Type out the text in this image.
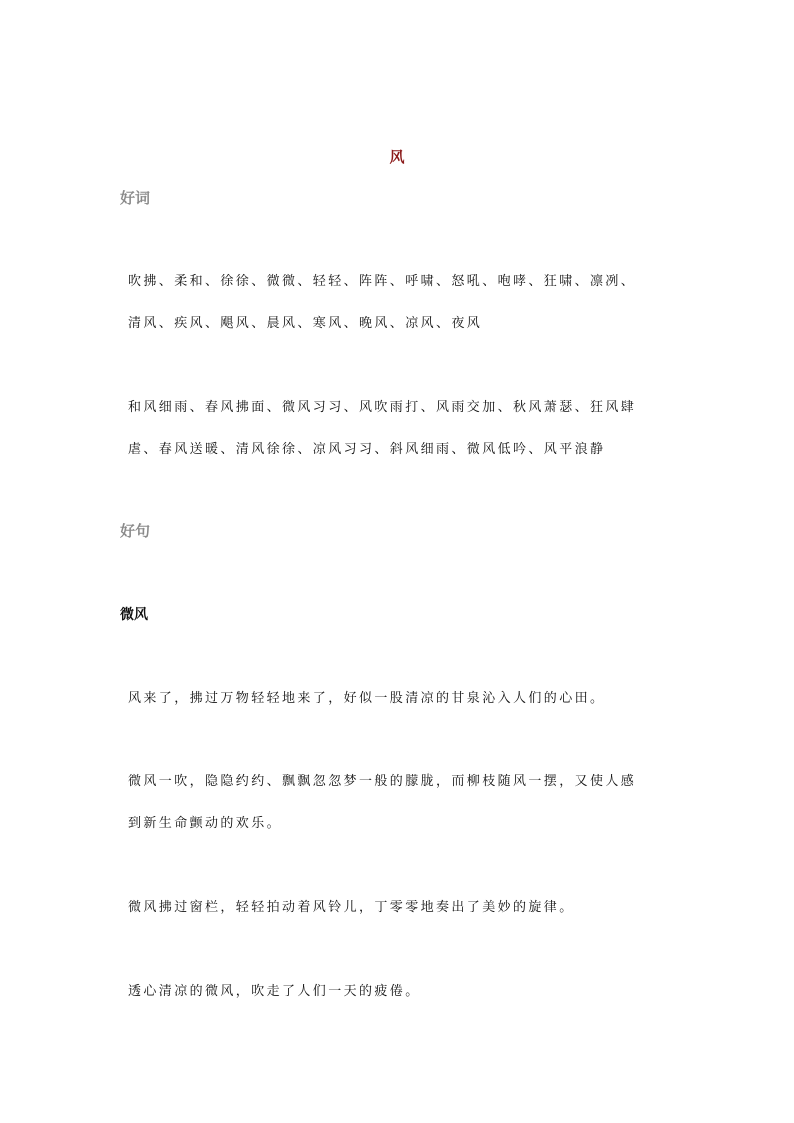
风
好词
吹拂、柔和、徐徐、微微、轻轻、阵阵、呼啸、怒吼、咆哮、狂啸、凛冽、
清风、疾风、飓风、晨风、寒风、晚风、凉风、夜风
和风细雨、春风拂面、微风习习、风吹雨打、风雨交加、秋风萧瑟、狂风肆
虐、春风送暖、清风徐徐、凉风习习、斜风细雨、微风低吟、风平浪静
好句
微风
风来了，拂过万物轻轻地来了，好似一股清凉的甘泉沁入人们的心田。
微风一吹，隐隐约约、飘飘忽忽梦一般的朦胧，而柳枝随风一摆，又使人感
到新生命颤动的欢乐。
微风拂过窗栏，轻轻拍动着风铃儿，丁零零地奏出了美妙的旋律。
透心清凉的微风，吹走了人们一天的疲倦。
